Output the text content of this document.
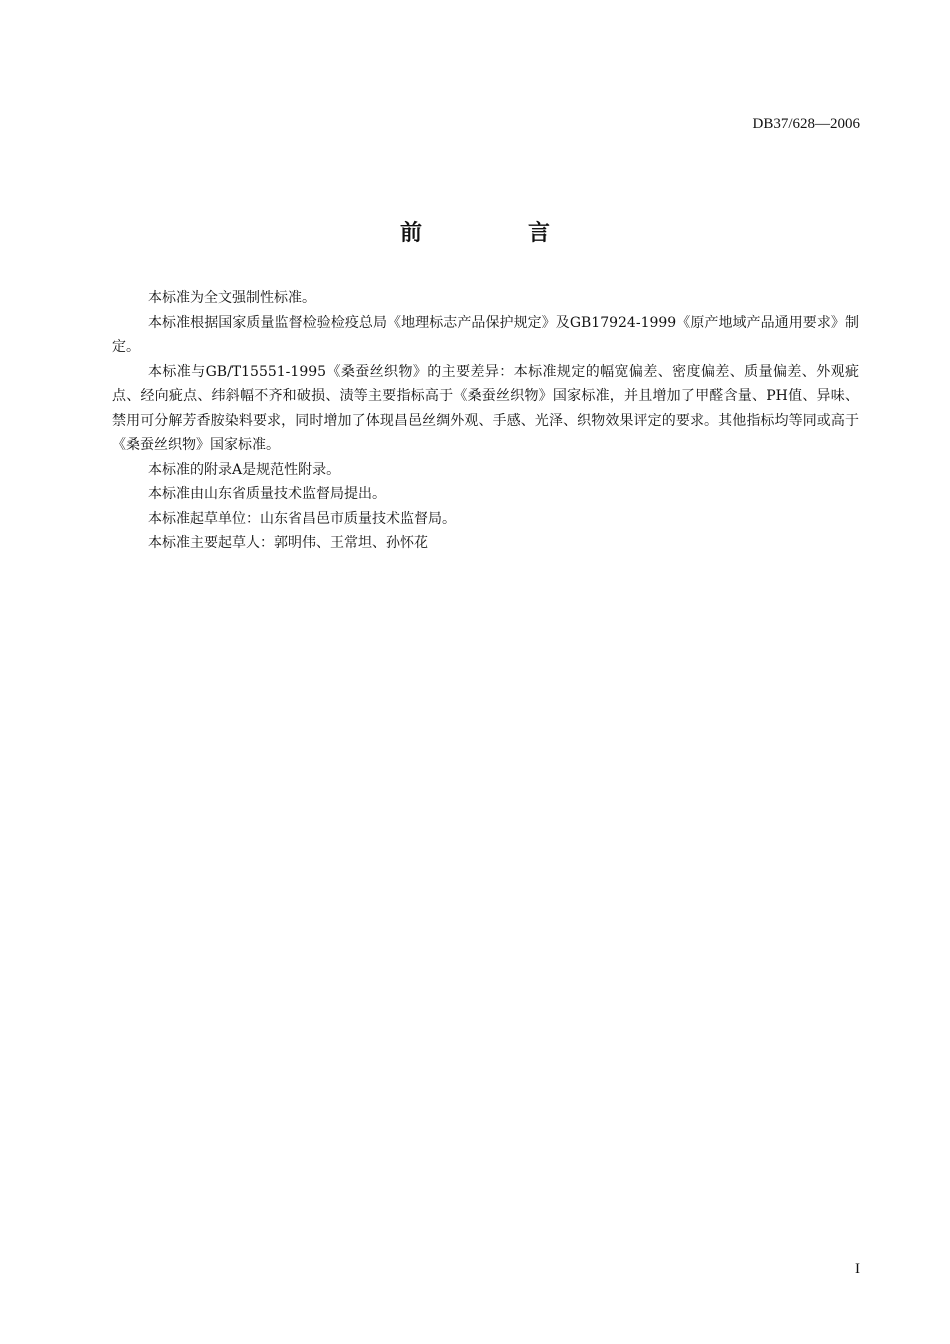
DB37/628—2006
前　言

本标准为全文强制性标准。

本标准根据国家质量监督检验检疫总局《地理标志产品保护规定》及GB17924-1999《原产地域产品通用要求》制定。

本标准与GB/T15551-1995《桑蚕丝织物》的主要差异：本标准规定的幅宽偏差、密度偏差、质量偏差、外观疵点、经向疵点、纬斜幅不齐和破损、渍等主要指标高于《桑蚕丝织物》国家标准，并且增加了甲醛含量、PH值、异味、禁用可分解芳香胺染料要求，同时增加了体现昌邑丝绸外观、手感、光泽、织物效果评定的要求。其他指标均等同或高于《桑蚕丝织物》国家标准。

本标准的附录A是规范性附录。

本标准由山东省质量技术监督局提出。

本标准起草单位：山东省昌邑市质量技术监督局。

本标准主要起草人：郭明伟、王常坦、孙怀花

I
